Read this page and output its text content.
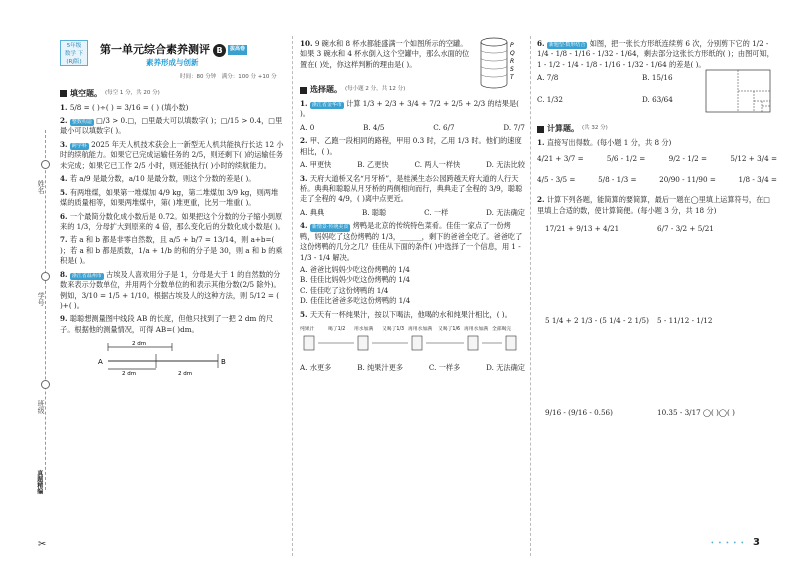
姓名
学号
班级
真题精编
✂
5年级
数学 下
(RJ版)
第一单元综合素养测评 B 拔高卷
素养形成与创新
时间：80 分钟　满分：100 分 +10 分
填空题。 (每空 1 分，共 20 分)
1. 5/8 = ( )÷( ) = 3/16 = ( ) (填小数)
2. 整数构造 □/3 > 0.□，□里最大可以填数字( )；□/15 > 0.4，□里最小可以填数字( )。
3. 跨学科 2025 年天人机技术获会上一新型无人机共能执行长达 12 小时的续航能力。如果它已完成运输任务的 2/5，则还剩下( )的运输任务未完成；如果它已工作 2/5 小时，则还能执行( )小时的续航能力。
4. 若 a/9 是最分数，a/10 是最分数，则这个分数的差是( )。
5. 有两堆煤，如果第一堆煤加 4/9 kg，第二堆煤加 3/9 kg，则两堆煤的质量相等，如果两堆煤中，第( )堆更重，比另一堆重( )。
6. 一个最简分数化成小数后是 0.72。如果把这个分数的分子缩小到原来的 1/3，分母扩大到原来的 4 倍，那么变化后的分数化成小数是( )。
7. 若 a 和 b 都是非零自然数，且 a/5 + b/7 = 13/14，则 a+b=( )；若 a 和 b 都是质数，1/a + 1/b 的和的分子是 30，则 a 和 b 的乘积是( )。
8. 浙江省温州市 古埃及人喜欢用分子是 1，分母是大于 1 的自然数的分数来表示分数单位，并用两个分数单位的和表示其他分数(2/5 除外)。例如，3/10 = 1/5 + 1/10。根据古埃及人的这种方法，则 5/12 = ( )+( )。
9. 聪聪想测量图中线段 AB 的长度，但他只找到了一把 2 dm 的尺子。根据他的测量情况，可得 AB=( )dm。
A	B
2 dm
2 dm	2 dm
10. 9 碗水和 8 杯水都能盛满一个如图所示的空罐。如果 3 碗水和 4 杯水倒入这个空罐中，那么水面的位置在( )处，你这样判断的理由是( )。
P
Q
R
S
T
选择题。 (每小题 2 分，共 12 分)
1. 浙江省金华市 计算 1/3 + 2/3 + 3/4 + 7/2 + 2/5 + 2/3 的结果是( )。
A. 0	B. 4/5	C. 6/7	D. 7/7
2. 甲、乙跑一段相同的路程，甲用 0.3 时，乙用 1/3 时。他们的速度相比，( )。
A. 甲更快	B. 乙更快	C. 两人一样快	D. 无法比较
3. 天府大道桥又名“月牙桥”，是桂溪生态公园跨越天府大道的人行天桥。典典和聪聪从月牙桥的两侧相向而行，典典走了全程的 3/9，聪聪走了全程的 4/9，( )离中点更近。
A. 典典	B. 聪聪	C. 一样	D. 无法确定
4. 新情景·传统美食 烤鸭是北京的传统特色菜肴。佳佳一家点了一份烤鸭，妈妈吃了这份烤鸭的 1/3，______，剩下的爸爸全吃了。爸爸吃了这份烤鸭的几分之几？佳佳从下面的条件( )中选择了一个信息，用 1 - 1/3 - 1/4 解决。
A. 爸爸比妈妈少吃这份烤鸭的 1/4
B. 佳佳比妈妈少吃这份烤鸭的 1/4
C. 佳佳吃了这份烤鸭的 1/4
D. 佳佳比爸爸多吃这份烤鸭的 1/4
5. 天天有一杯纯果汁，按以下喝法，他喝的水和纯果汁相比，( )。
纯果汁	喝了1/2 用水加满 又喝了1/3 再用水加满 又喝了1/6 再用水加满 全部喝完
A. 水更多	B. 纯果汁更多	C. 一样多	D. 无法确定
6. 新题型·数形结合 如图，把一张长方形纸连续剪 6 次，分别剪下它的 1/2 - 1/4 - 1/8 - 1/16 - 1/32 - 1/64，剩去部分这张长方形纸的( )；由图可知，1 - 1/2 - 1/4 - 1/8 - 1/16 - 1/32 - 1/64 的差是( )。
A. 7/8	B. 15/16
C. 1/32	D. 63/64
计算题。 (共 32 分)
1. 直接写出得数。(每小题 1 分，共 8 分)
4/21 + 3/7 =	5/6 - 1/2 =	9/2 - 1/2 =	5/12 + 3/4 =
4/5 - 3/5 =	5/8 - 1/3 =	20/90 - 11/90 =	1/8 - 3/4 =
2. 计算下列各题，能简算的要简算，最后一题在◯里填上运算符号，在□里填上合适的数，使计算简便。(每小题 3 分，共 18 分)
17/21 + 9/13 + 4/21	6/7 - 3/2 + 5/21
5 1/4 + 2 1/3 - (5 1/4 - 2 1/5) 5 - 11/12 - 1/12
9/16 - (9/16 - 0.56)	10.35 - 3/17 ◯( )◯( )
• • • • • 3
